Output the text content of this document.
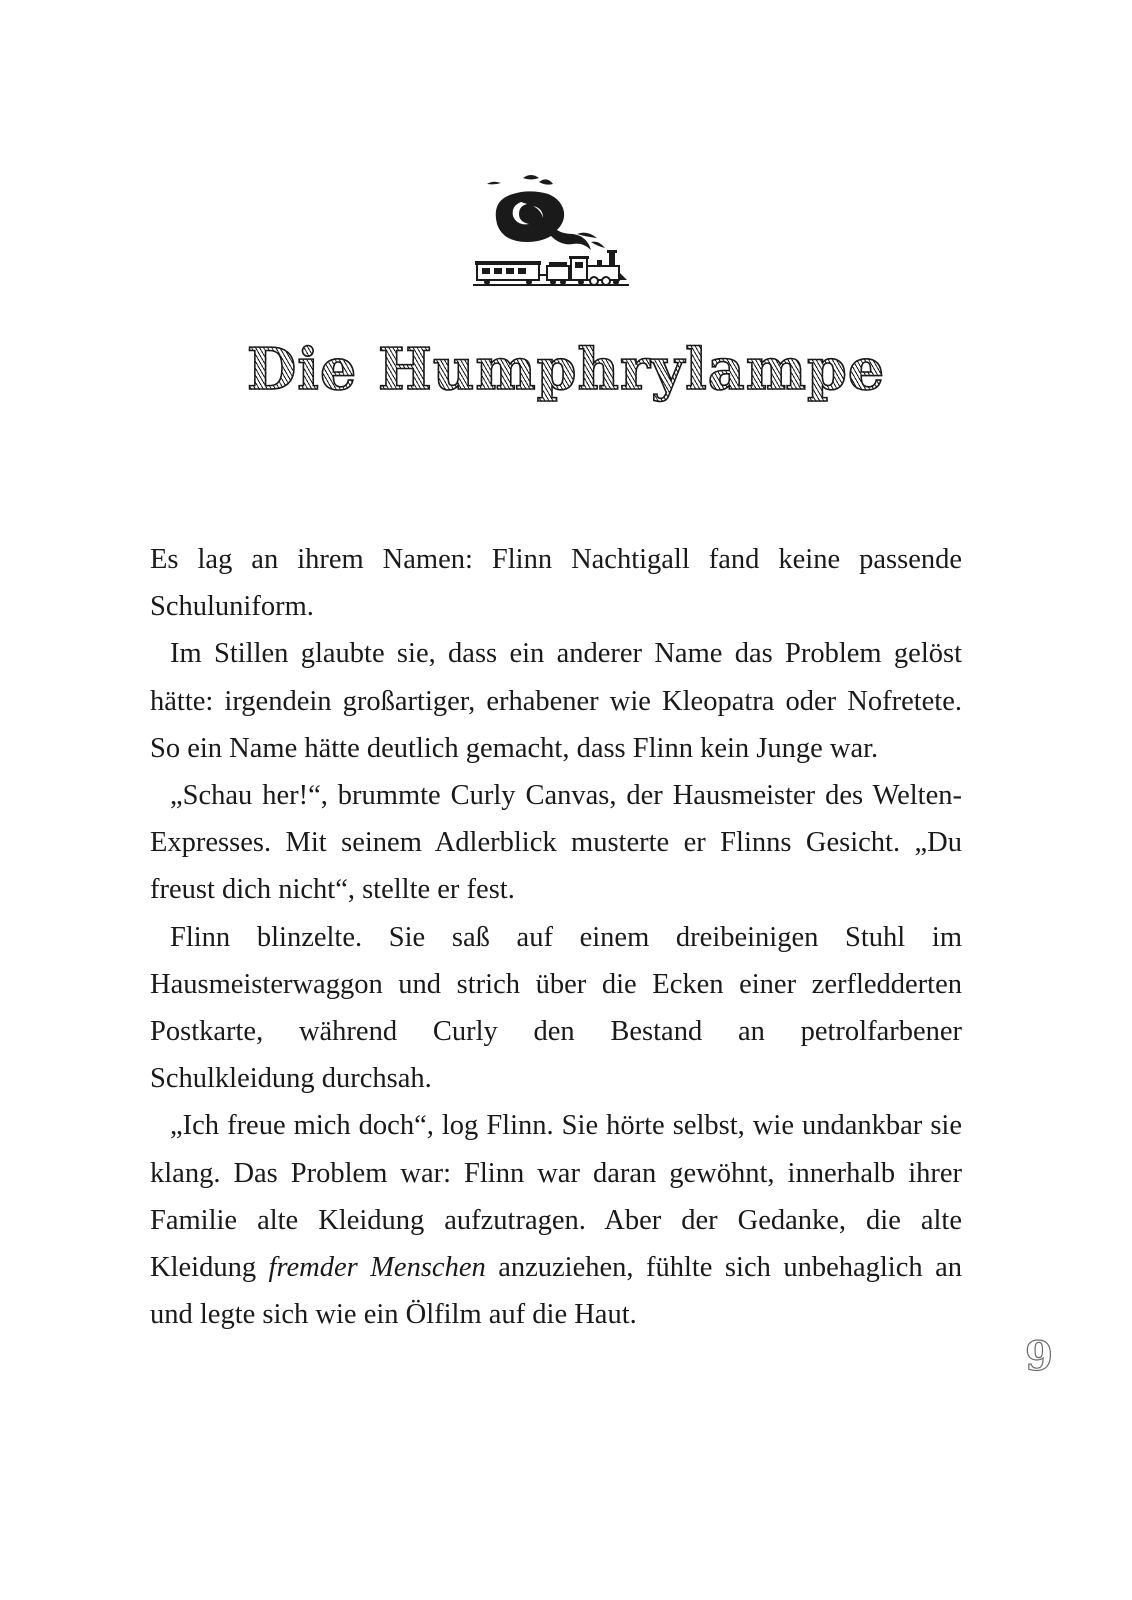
Die Humphrylampe

Es lag an ihrem Namen: Flinn Nachtigall fand keine passende Schuluniform.

Im Stillen glaubte sie, dass ein anderer Name das Problem gelöst hätte: irgendein großartiger, erhabener wie Kleopatra oder Nofretete. So ein Name hätte deutlich gemacht, dass Flinn kein Junge war.

„Schau her!“, brummte Curly Canvas, der Hausmeister des Welten-Expresses. Mit seinem Adlerblick musterte er Flinns Gesicht. „Du freust dich nicht“, stellte er fest.

Flinn blinzelte. Sie saß auf einem dreibeinigen Stuhl im Hausmeisterwaggon und strich über die Ecken einer zerfledderten Postkarte, während Curly den Bestand an petrolfarbener Schulkleidung durchsah.

„Ich freue mich doch“, log Flinn. Sie hörte selbst, wie undankbar sie klang. Das Problem war: Flinn war daran gewöhnt, innerhalb ihrer Familie alte Kleidung aufzutragen. Aber der Gedanke, die alte Kleidung fremder Menschen anzuziehen, fühlte sich unbehaglich an und legte sich wie ein Ölfilm auf die Haut.

9
